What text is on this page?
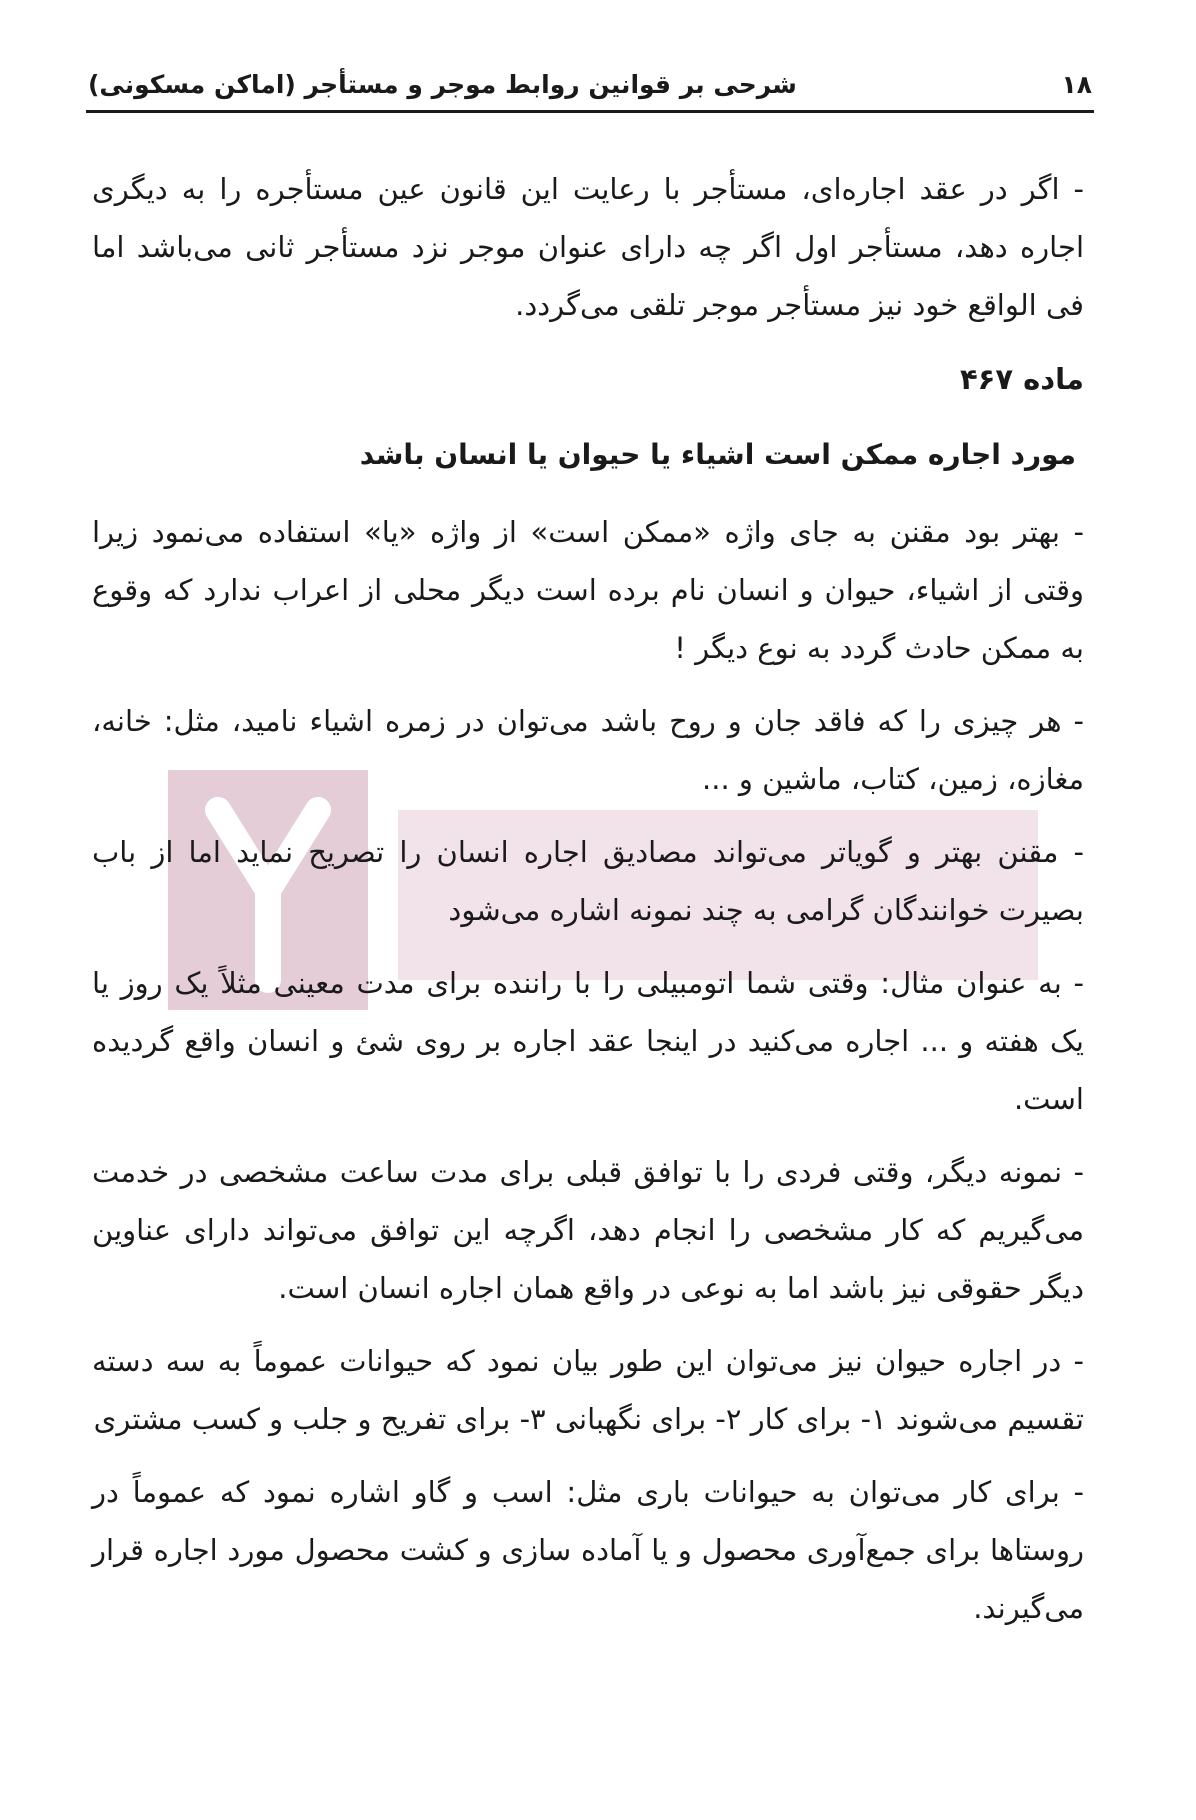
۱۸
شرحی بر قوانین روابط موجر و مستأجر (اماکن مسکونی)

- اگر در عقد اجاره‌ای، مستأجر با رعایت این قانون عین مستأجره را به دیگری اجاره دهد، مستأجر اول اگر چه دارای عنوان موجر نزد مستأجر ثانی می‌باشد اما فی الواقع خود نیز مستأجر موجر تلقی می‌گردد.

ماده ۴۶۷

مورد اجاره ممکن است اشیاء یا حیوان یا انسان باشد

- بهتر بود مقنن به جای واژه «ممکن است» از واژه «یا» استفاده می‌نمود زیرا وقتی از اشیاء، حیوان و انسان نام برده است دیگر محلی از اعراب ندارد که وقوع به ممکن حادث گردد به نوع دیگر !

- هر چیزی را که فاقد جان و روح باشد می‌توان در زمره اشیاء نامید، مثل: خانه، مغازه، زمین، کتاب، ماشین و ...

- مقنن بهتر و گویاتر می‌تواند مصادیق اجاره انسان را تصریح نماید اما از باب بصیرت خوانندگان گرامی به چند نمونه اشاره می‌شود

- به عنوان مثال: وقتی شما اتومبیلی را با راننده برای مدت معینی مثلاً یک روز یا یک هفته و ... اجاره می‌کنید در اینجا عقد اجاره بر روی شئ و انسان واقع گردیده است.

- نمونه دیگر، وقتی فردی را با توافق قبلی برای مدت ساعت مشخصی در خدمت می‌گیریم که کار مشخصی را انجام دهد، اگرچه این توافق می‌تواند دارای عناوین دیگر حقوقی نیز باشد اما به نوعی در واقع همان اجاره انسان است.

- در اجاره حیوان نیز می‌توان این طور بیان نمود که حیوانات عموماً به سه دسته تقسیم می‌شوند ۱- برای کار ۲- برای نگهبانی ۳- برای تفریح و جلب و کسب مشتری

- برای کار می‌توان به حیوانات باری مثل: اسب و گاو اشاره نمود که عموماً در روستاها برای جمع‌آوری محصول و یا آماده سازی و کشت محصول مورد اجاره قرار می‌گیرند.
